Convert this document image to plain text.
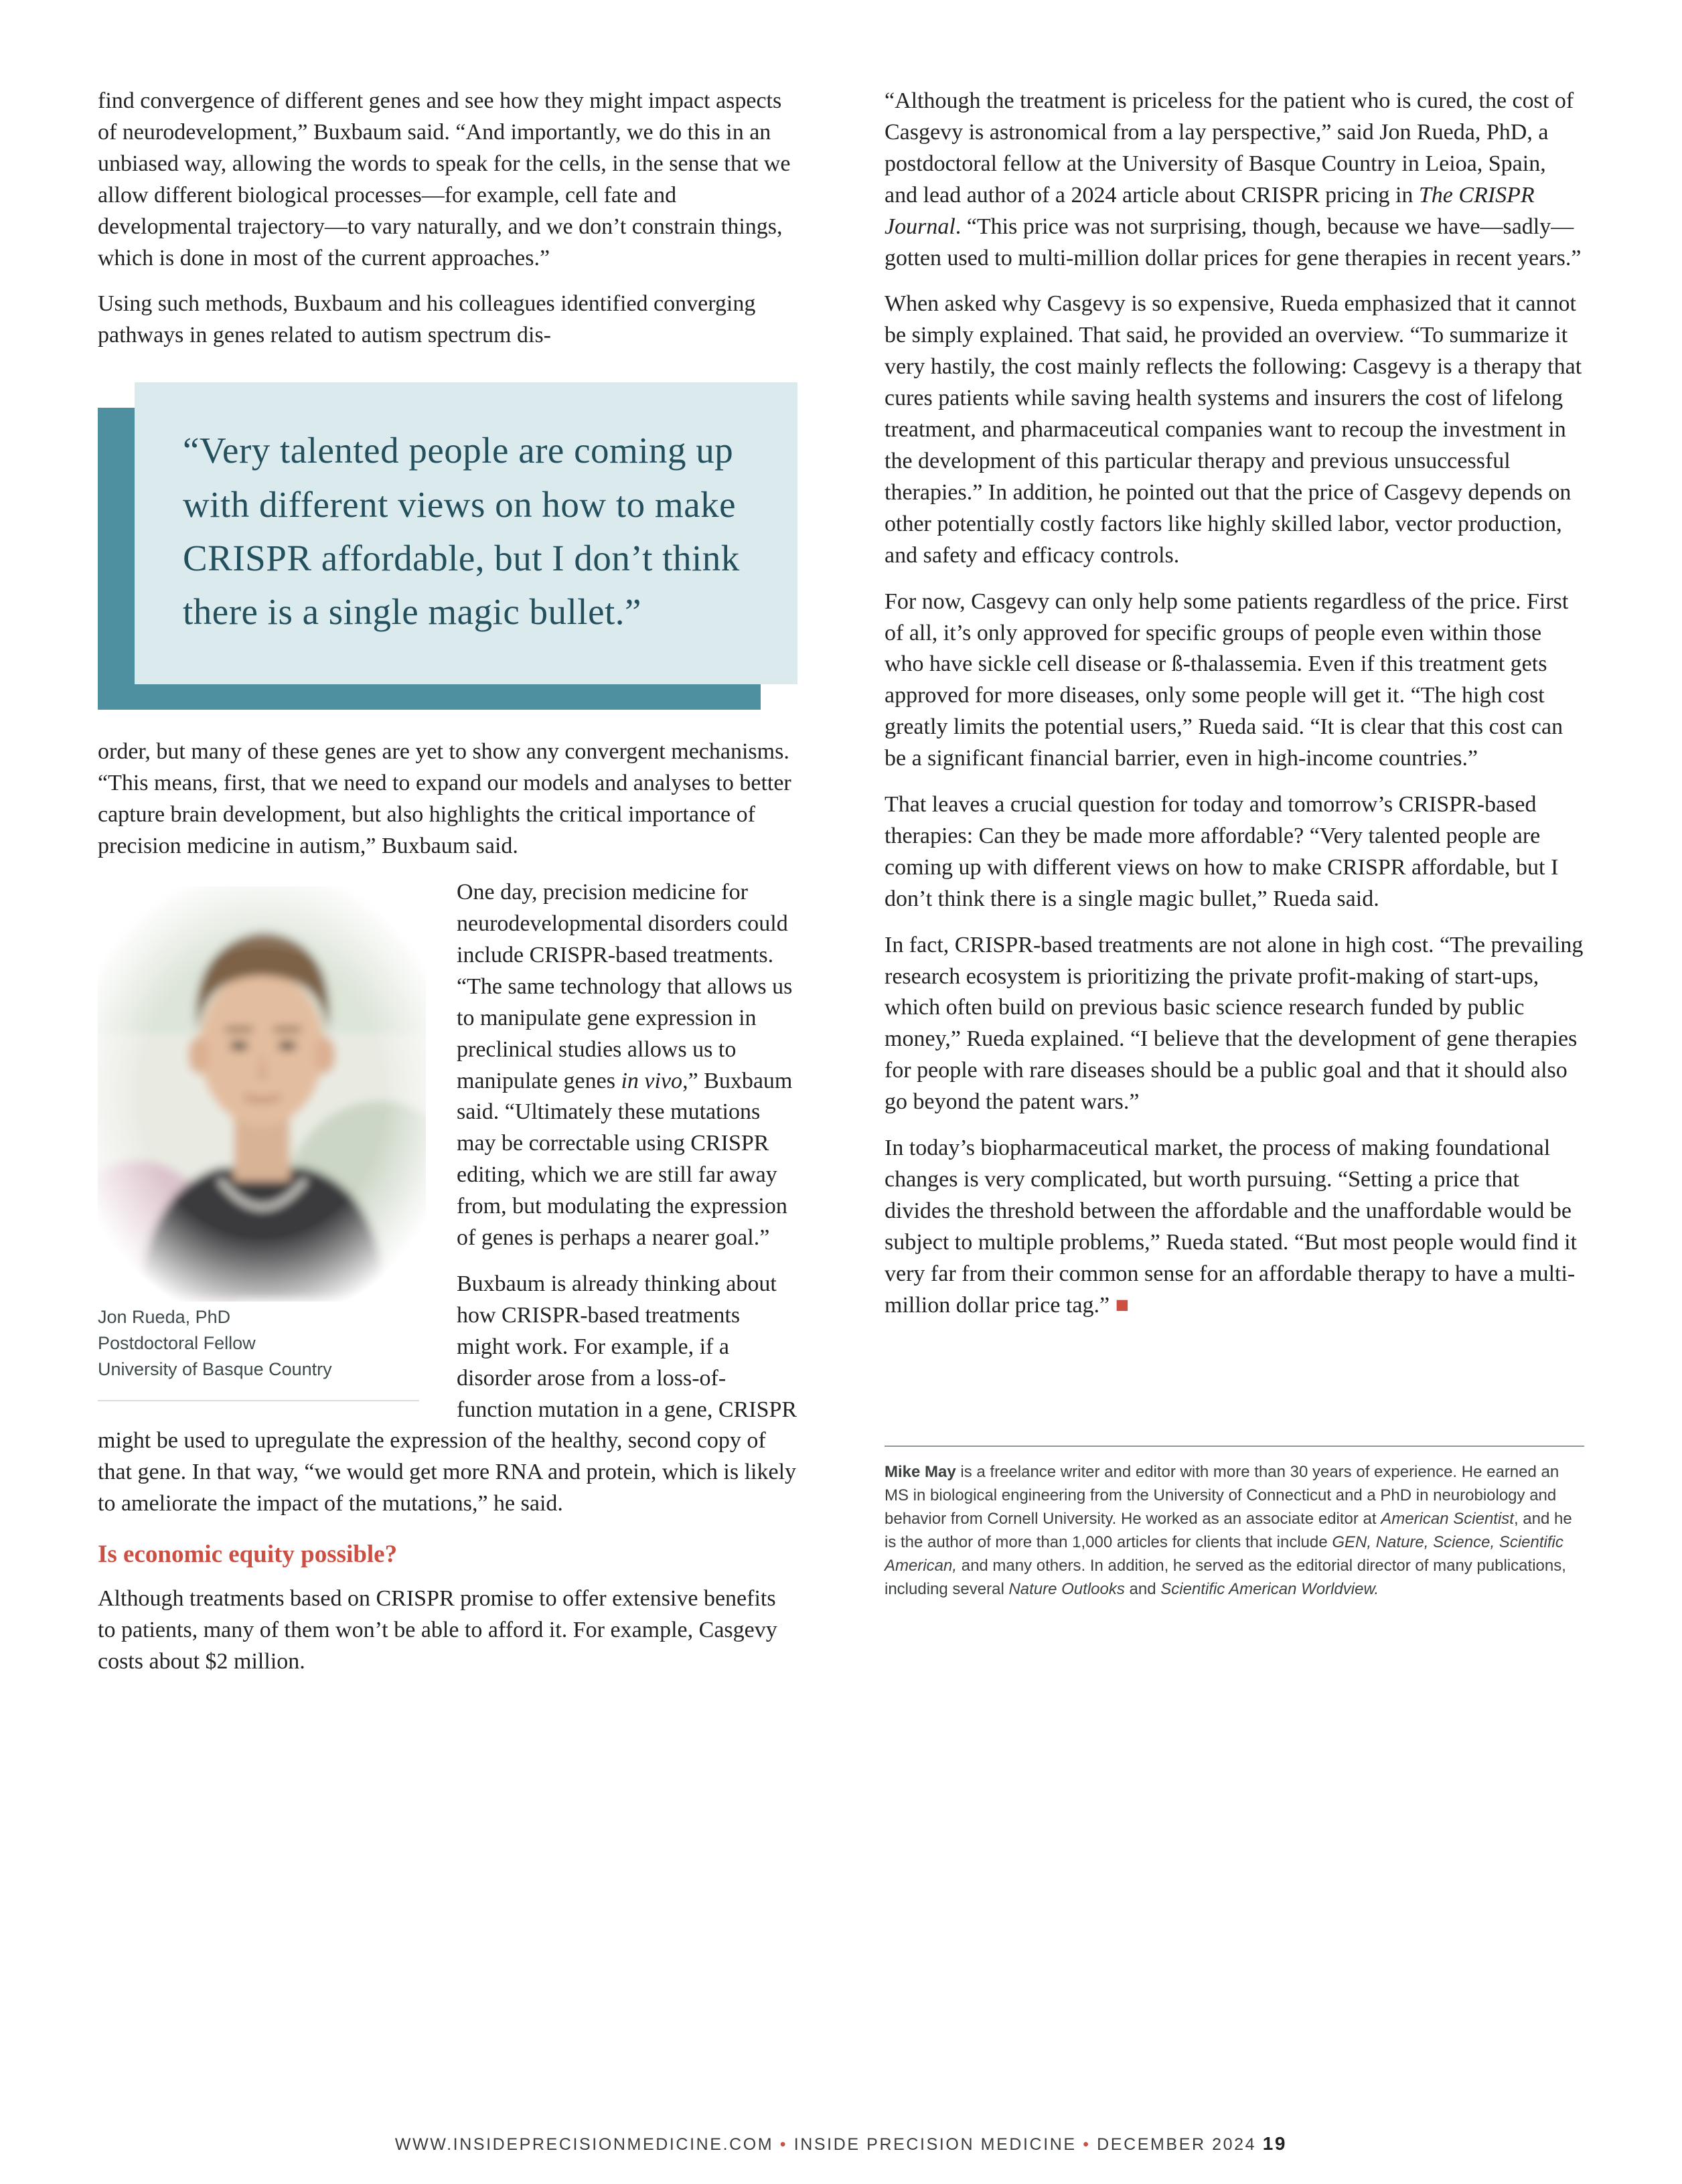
find convergence of different genes and see how they might impact aspects of neurodevelopment,” Buxbaum said. “And importantly, we do this in an unbiased way, allowing the words to speak for the cells, in the sense that we allow different biological processes—for example, cell fate and developmental trajectory—to vary naturally, and we don’t constrain things, which is done in most of the current approaches.”

Using such methods, Buxbaum and his colleagues identified converging pathways in genes related to autism spectrum dis-

“Very talented people are coming up with different views on how to make CRISPR affordable, but I don’t think there is a single magic bullet.”

order, but many of these genes are yet to show any convergent mechanisms. “This means, first, that we need to expand our models and analyses to better capture brain development, but also highlights the critical importance of precision medicine in autism,” Buxbaum said.

Jon Rueda, PhD
Postdoctoral Fellow
University of Basque Country

One day, precision medicine for neurodevelopmental disorders could include CRISPR-based treatments. “The same technology that allows us to manipulate gene expression in preclinical studies allows us to manipulate genes in vivo,” Buxbaum said. “Ultimately these mutations may be correctable using CRISPR editing, which we are still far away from, but modulating the expression of genes is perhaps a nearer goal.”

Buxbaum is already thinking about how CRISPR-based treatments might work. For example, if a disorder arose from a loss-of-function mutation in a gene, CRISPR might be used to upregulate the expression of the healthy, second copy of that gene. In that way, “we would get more RNA and protein, which is likely to ameliorate the impact of the mutations,” he said.

Is economic equity possible?

Although treatments based on CRISPR promise to offer extensive benefits to patients, many of them won’t be able to afford it. For example, Casgevy costs about $2 million.

“Although the treatment is priceless for the patient who is cured, the cost of Casgevy is astronomical from a lay perspective,” said Jon Rueda, PhD, a postdoctoral fellow at the University of Basque Country in Leioa, Spain, and lead author of a 2024 article about CRISPR pricing in The CRISPR Journal. “This price was not surprising, though, because we have—sadly—gotten used to multi-million dollar prices for gene therapies in recent years.”

When asked why Casgevy is so expensive, Rueda emphasized that it cannot be simply explained. That said, he provided an overview. “To summarize it very hastily, the cost mainly reflects the following: Casgevy is a therapy that cures patients while saving health systems and insurers the cost of lifelong treatment, and pharmaceutical companies want to recoup the investment in the development of this particular therapy and previous unsuccessful therapies.” In addition, he pointed out that the price of Casgevy depends on other potentially costly factors like highly skilled labor, vector production, and safety and efficacy controls.

For now, Casgevy can only help some patients regardless of the price. First of all, it’s only approved for specific groups of people even within those who have sickle cell disease or ß-thalassemia. Even if this treatment gets approved for more diseases, only some people will get it. “The high cost greatly limits the potential users,” Rueda said. “It is clear that this cost can be a significant financial barrier, even in high-income countries.”

That leaves a crucial question for today and tomorrow’s CRISPR-based therapies: Can they be made more affordable? “Very talented people are coming up with different views on how to make CRISPR affordable, but I don’t think there is a single magic bullet,” Rueda said.

In fact, CRISPR-based treatments are not alone in high cost. “The prevailing research ecosystem is prioritizing the private profit-making of start-ups, which often build on previous basic science research funded by public money,” Rueda explained. “I believe that the development of gene therapies for people with rare diseases should be a public goal and that it should also go beyond the patent wars.”

In today’s biopharmaceutical market, the process of making foundational changes is very complicated, but worth pursuing. “Setting a price that divides the threshold between the affordable and the unaffordable would be subject to multiple problems,” Rueda stated. “But most people would find it very far from their common sense for an affordable therapy to have a multi-million dollar price tag.” ■

Mike May is a freelance writer and editor with more than 30 years of experience. He earned an MS in biological engineering from the University of Connecticut and a PhD in neurobiology and behavior from Cornell University. He worked as an associate editor at American Scientist, and he is the author of more than 1,000 articles for clients that include GEN, Nature, Science, Scientific American, and many others. In addition, he served as the editorial director of many publications, including several Nature Outlooks and Scientific American Worldview.
WWW.INSIDEPRECISIONMEDICINE.COM • INSIDE PRECISION MEDICINE • DECEMBER 2024 19
